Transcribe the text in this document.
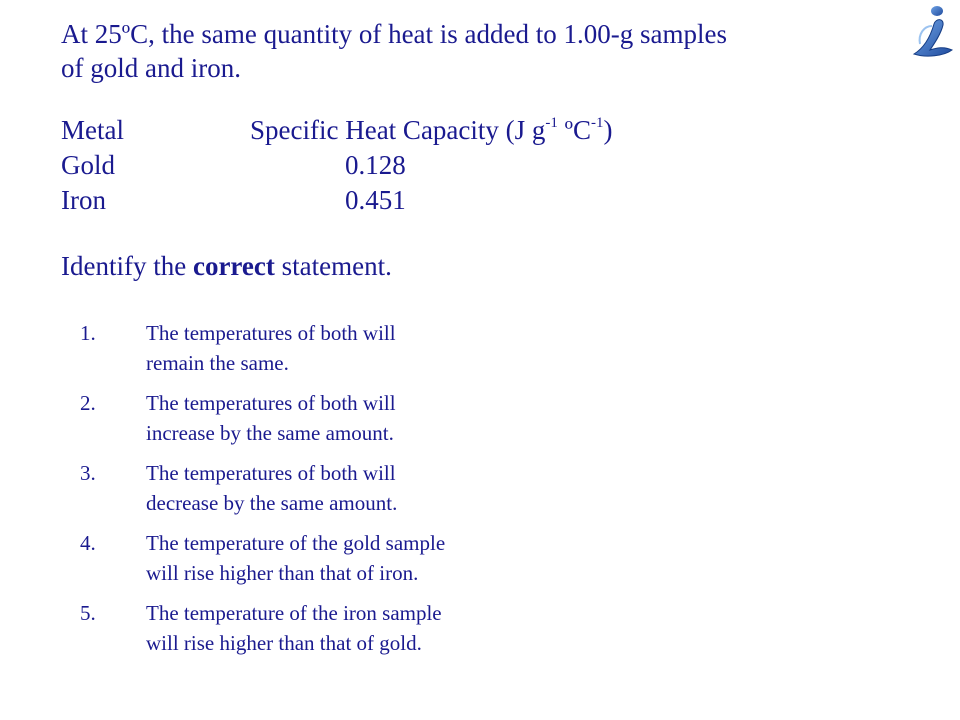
At 25ºC, the same quantity of heat is added to 1.00-g samples
of gold and iron.
Metal	Specific Heat Capacity (J $g^{-1}$ ºC$^{-1}$)
Gold	0.128
Iron	0.451
Identify the correct statement.
1.	The temperatures of both will
remain the same.
2.	The temperatures of both will
increase by the same amount.
3.	The temperatures of both will
decrease by the same amount.
4.	The temperature of the gold sample
will rise higher than that of iron.
5.	The temperature of the iron sample
will rise higher than that of gold.
